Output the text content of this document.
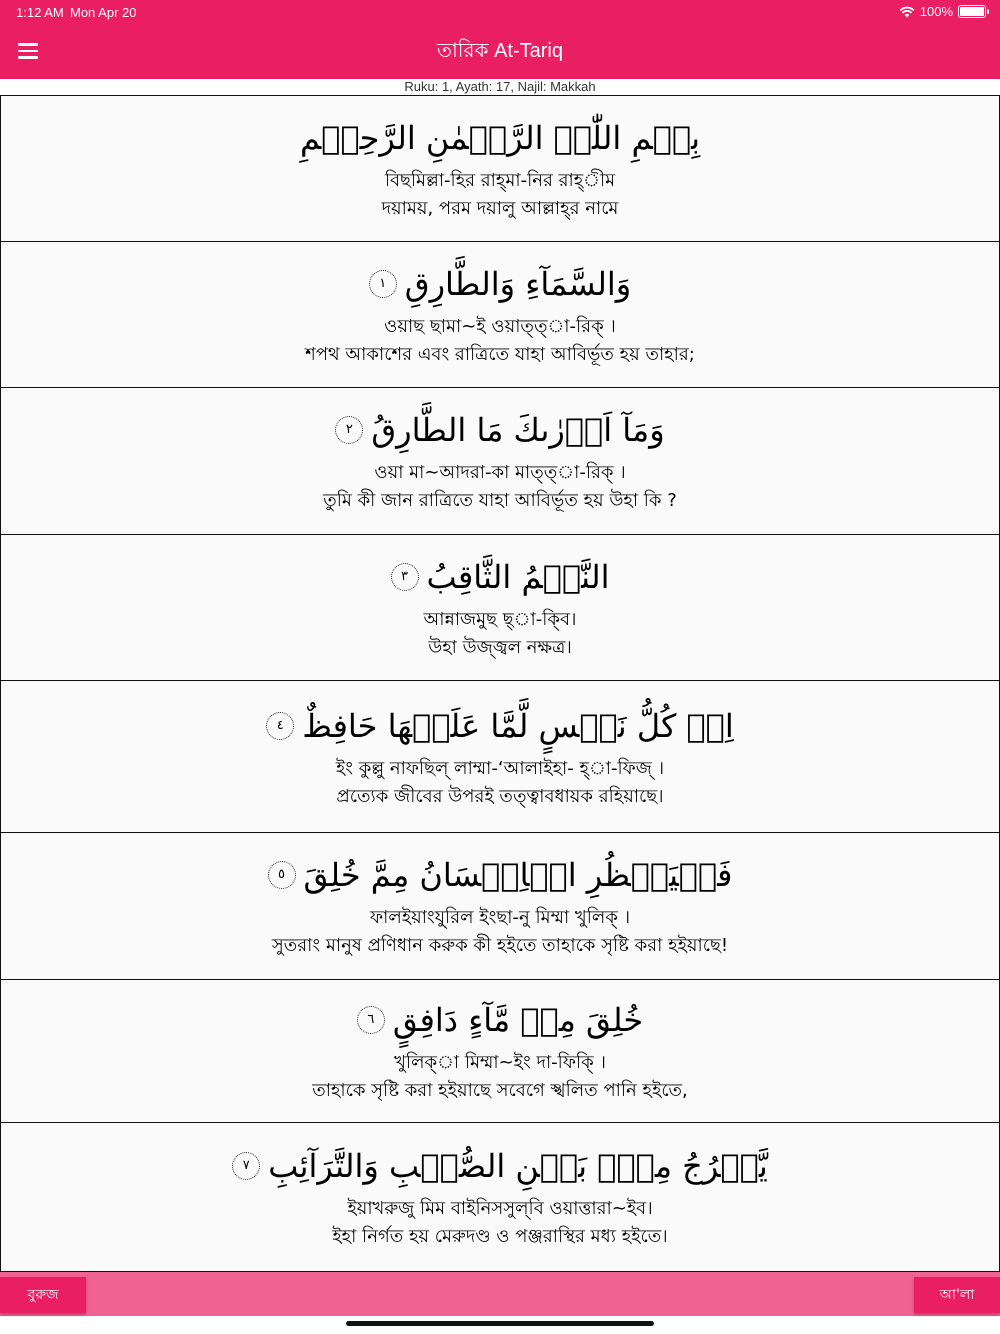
1:12 AM Mon Apr 20	100%
তারিক At-Tariq
Ruku: 1, Ayath: 17, Najil: Makkah
بِسۡمِ اللّٰہِ الرَّحۡمٰنِ الرَّحِیۡمِ
বিছমিল্লা-হির রাহ্‌মা-নির রাহ্‌ীম
দয়াময়, পরম দয়ালু আল্লাহ্‌র নামে
وَالسَّمَآءِ وَالطَّارِقِ
١
ওয়াছ ছামা~ই ওয়াত্‌ত্‌া-রিক্‌ ।
শপথ আকাশের এবং রাত্রিতে যাহা আবির্ভূত হয় তাহার;
وَمَآ اَدۡرٰىكَ مَا الطَّارِقُ
٢
ওয়া মা~আদরা-কা মাত্ত্‌া-রিক্‌ ।
তুমি কী জান রাত্রিতে যাহা আবির্ভূত হয় উহা কি ?
النَّجۡمُ الثَّاقِبُ
٣
আন্নাজমুছ ছ্‌া-কি্‌ব।
উহা উজ্জ্বল নক্ষত্র।
اِنۡ كُلُّ نَفۡسٍ لَّمَّا عَلَيۡهَا حَافِظٌ
٤
ইং কুল্লু নাফছিল্‌ লাম্মা-‘আলাইহা- হ্‌া-ফিজ্‌ ।
প্রত্যেক জীবের উপরই তত্ত্বাবধায়ক রহিয়াছে।
فَلۡيَنۡظُرِ الۡاِنۡسَانُ مِمَّ خُلِقَ
٥
ফালইয়াংযু্‌রিল ইংছা-নু মিম্মা খুলিক্‌ ।
সুতরাং মানুষ প্রণিধান করুক কী হইতে তাহাকে সৃষ্টি করা হইয়াছে!
خُلِقَ مِنۡ مَّآءٍ دَافِقٍ
٦
খুলিক্‌া মিম্মা~ইং দা-ফিকি্‌ ।
তাহাকে সৃষ্টি করা হইয়াছে সবেগে স্খলিত পানি হইতে,
يَّخۡرُجُ مِنۡۢ بَيۡنِ الصُّلۡبِ وَالتَّرَآئِبِ
٧
ইয়াখরুজু মিম বাইনিসসুল্‌বি ওয়াত্তারা~ইব।
ইহা নির্গত হয় মেরুদণ্ড ও পঞ্জরাস্থির মধ্য হইতে।
বুরুজ	আ'লা
